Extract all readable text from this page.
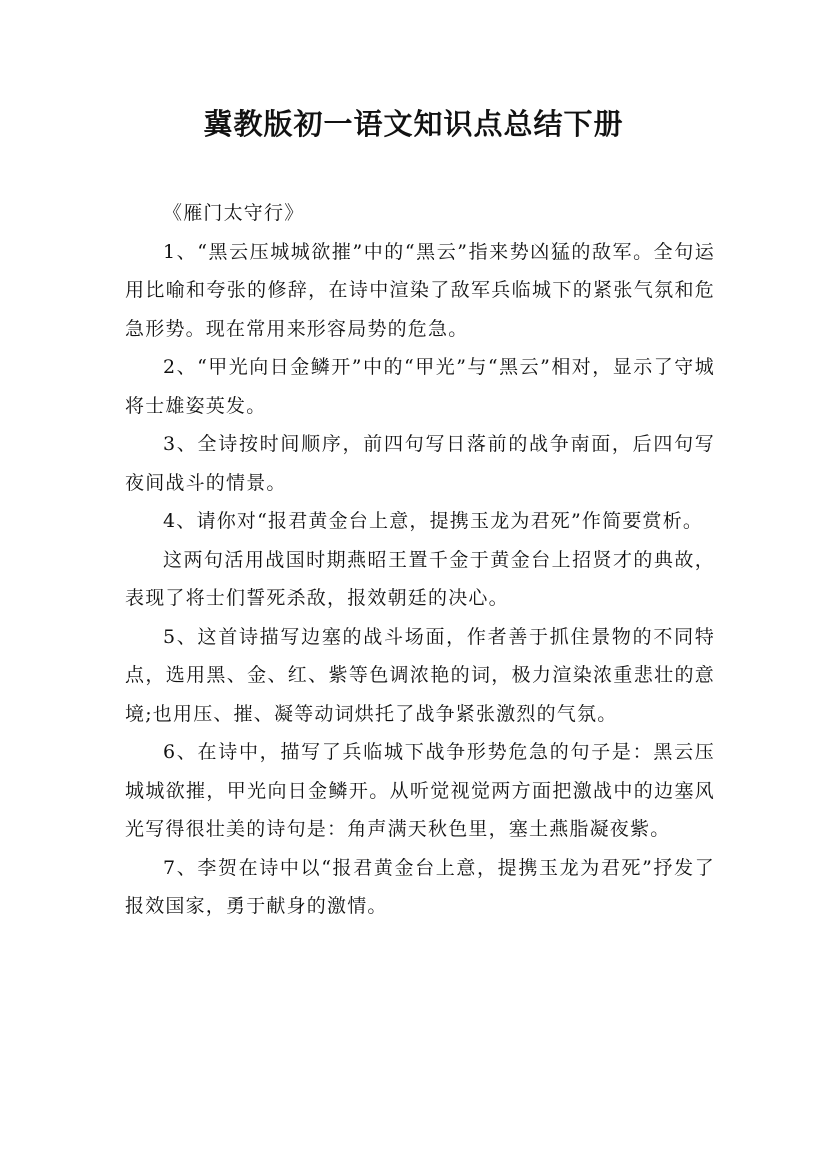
冀教版初一语文知识点总结下册

《雁门太守行》

1、“黑云压城城欲摧”中的“黑云”指来势凶猛的敌军。全句运用比喻和夸张的修辞，在诗中渲染了敌军兵临城下的紧张气氛和危急形势。现在常用来形容局势的危急。

2、“甲光向日金鳞开”中的“甲光”与“黑云”相对，显示了守城将士雄姿英发。

3、全诗按时间顺序，前四句写日落前的战争南面，后四句写夜间战斗的情景。

4、请你对“报君黄金台上意，提携玉龙为君死”作简要赏析。

这两句活用战国时期燕昭王置千金于黄金台上招贤才的典故，表现了将士们誓死杀敌，报效朝廷的决心。

5、这首诗描写边塞的战斗场面，作者善于抓住景物的不同特点，选用黑、金、红、紫等色调浓艳的词，极力渲染浓重悲壮的意境;也用压、摧、凝等动词烘托了战争紧张激烈的气氛。

6、在诗中，描写了兵临城下战争形势危急的句子是：黑云压城城欲摧，甲光向日金鳞开。从听觉视觉两方面把激战中的边塞风光写得很壮美的诗句是：角声满天秋色里，塞土燕脂凝夜紫。

7、李贺在诗中以“报君黄金台上意，提携玉龙为君死”抒发了报效国家，勇于献身的激情。
